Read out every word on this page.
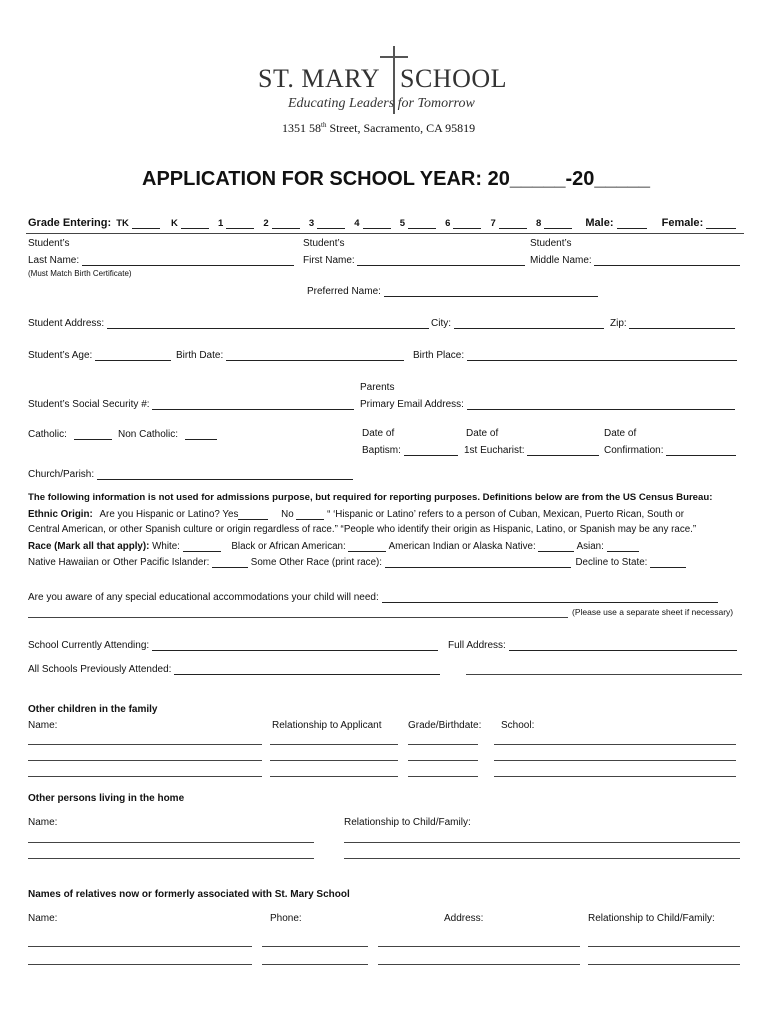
ST. MARY SCHOOL
Educating Leaders for Tomorrow
1351 58th Street, Sacramento, CA 95819
APPLICATION FOR SCHOOL YEAR: 20_____-20_____
Grade Entering: TK	K	1	2	3	4	5	6	7	8	Male:	Female:
Student’s	Student’s	Student’s
Last Name:	First Name:	Middle Name:
(Must Match Birth Certificate)
Preferred Name:
Student Address:	City:	Zip:
Student’s Age:	Birth Date:	Birth Place:
Parents
Student’s Social Security #:	Primary Email Address:
Catholic:	Non Catholic:	Date of	Date of	Date of
Baptism:	1st Eucharist:	Confirmation:
Church/Parish:
The following information is not used for admissions purpose, but required for reporting purposes. Definitions below are from the US Census Bureau:
Ethnic Origin: Are you Hispanic or Latino? Yes	No	“ ‘Hispanic or Latino’ refers to a person of Cuban, Mexican, Puerto Rican, South or
Central American, or other Spanish culture or origin regardless of race.” “People who identify their origin as Hispanic, Latino, or Spanish may be any race.”
Race (Mark all that apply): White:	Black or African American:	American Indian or Alaska Native:	Asian:
Native Hawaiian or Other Pacific Islander:	Some Other Race (print race):	Decline to State:
Are you aware of any special educational accommodations your child will need:
(Please use a separate sheet if necessary)
School Currently Attending:	Full Address:
All Schools Previously Attended:
Other children in the family
Name:	Relationship to Applicant	Grade/Birthdate: School:
Other persons living in the home
Name:	Relationship to Child/Family:
Names of relatives now or formerly associated with St. Mary School
Name:	Phone:	Address:	Relationship to Child/Family:
